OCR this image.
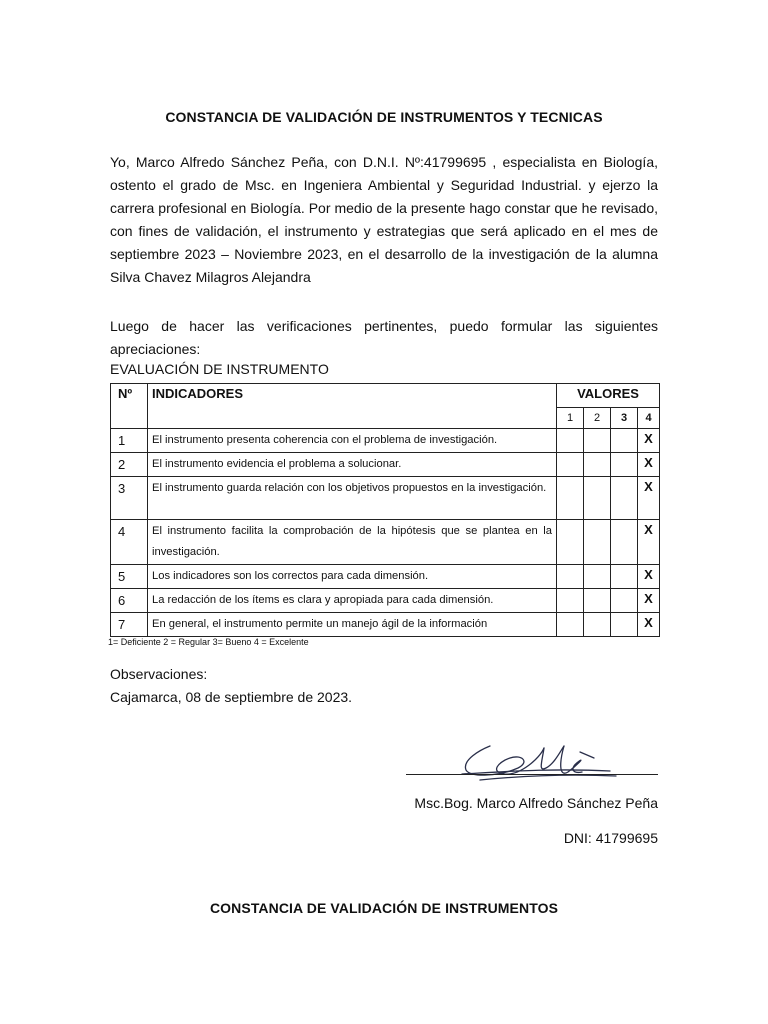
CONSTANCIA DE VALIDACIÓN DE INSTRUMENTOS Y TECNICAS
Yo, Marco Alfredo Sánchez Peña, con D.N.I. Nº:41799695 , especialista en Biología, ostento el grado de Msc. en Ingeniera Ambiental y Seguridad Industrial. y ejerzo la carrera profesional en Biología. Por medio de la presente hago constar que he revisado, con fines de validación, el instrumento y estrategias que será aplicado en el mes de septiembre 2023 – Noviembre 2023, en el desarrollo de la investigación de la alumna Silva Chavez Milagros Alejandra
Luego de hacer las verificaciones pertinentes, puedo formular las siguientes
apreciaciones:
EVALUACIÓN DE INSTRUMENTO
Nº	INDICADORES	VALORES			
		1	2	3	4
1	El instrumento presenta coherencia con el problema de investigación.				X
2	El instrumento evidencia el problema a solucionar.				X
3	El instrumento guarda relación con los objetivos propuestos en la investigación.				X
4	El instrumento facilita la comprobación de la hipótesis que se plantea en la investigación.				X
5	Los indicadores son los correctos para cada dimensión.				X
6	La redacción de los ítems es clara y apropiada para cada dimensión.				X
7	En general, el instrumento permite un manejo ágil de la información				X
1= Deficiente 2 = Regular 3= Bueno 4 = Excelente
Observaciones:
Cajamarca, 08 de septiembre de 2023.
Msc.Bog. Marco Alfredo Sánchez Peña
DNI: 41799695
CONSTANCIA DE VALIDACIÓN DE INSTRUMENTOS
